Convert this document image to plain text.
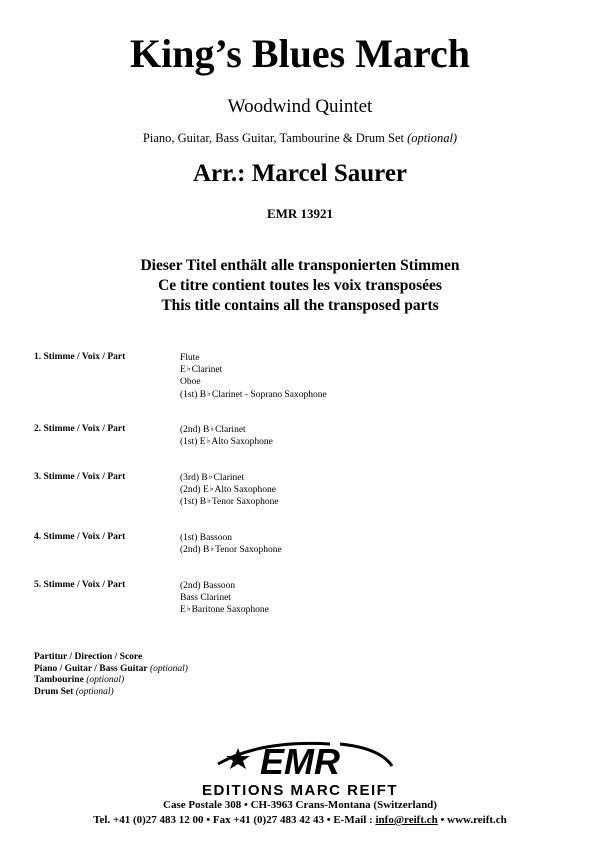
King’s Blues March
Woodwind Quintet
Piano, Guitar, Bass Guitar, Tambourine & Drum Set (optional)
Arr.: Marcel Saurer
EMR 13921
Dieser Titel enthält alle transponierten Stimmen
Ce titre contient toutes les voix transposées
This title contains all the transposed parts
1. Stimme / Voix / Part	Flute
E♭Clarinet
Oboe
(1st) B♭Clarinet - Soprano Saxophone
2. Stimme / Voix / Part	(2nd) B♭Clarinet
(1st) E♭Alto Saxophone
3. Stimme / Voix / Part	(3rd) B♭Clarinet
(2nd) E♭Alto Saxophone
(1st) B♭Tenor Saxophone
4. Stimme / Voix / Part	(1st) Bassoon
(2nd) B♭Tenor Saxophone
5. Stimme / Voix / Part	(2nd) Bassoon
Bass Clarinet
E♭Baritone Saxophone
Partitur / Direction / Score
Piano / Guitar / Bass Guitar (optional)
Tambourine (optional)
Drum Set (optional)
EMR
EDITIONS MARC REIFT
Case Postale 308 • CH-3963 Crans-Montana (Switzerland)
Tel. +41 (0)27 483 12 00 • Fax +41 (0)27 483 42 43 • E-Mail : info@reift.ch • www.reift.ch
